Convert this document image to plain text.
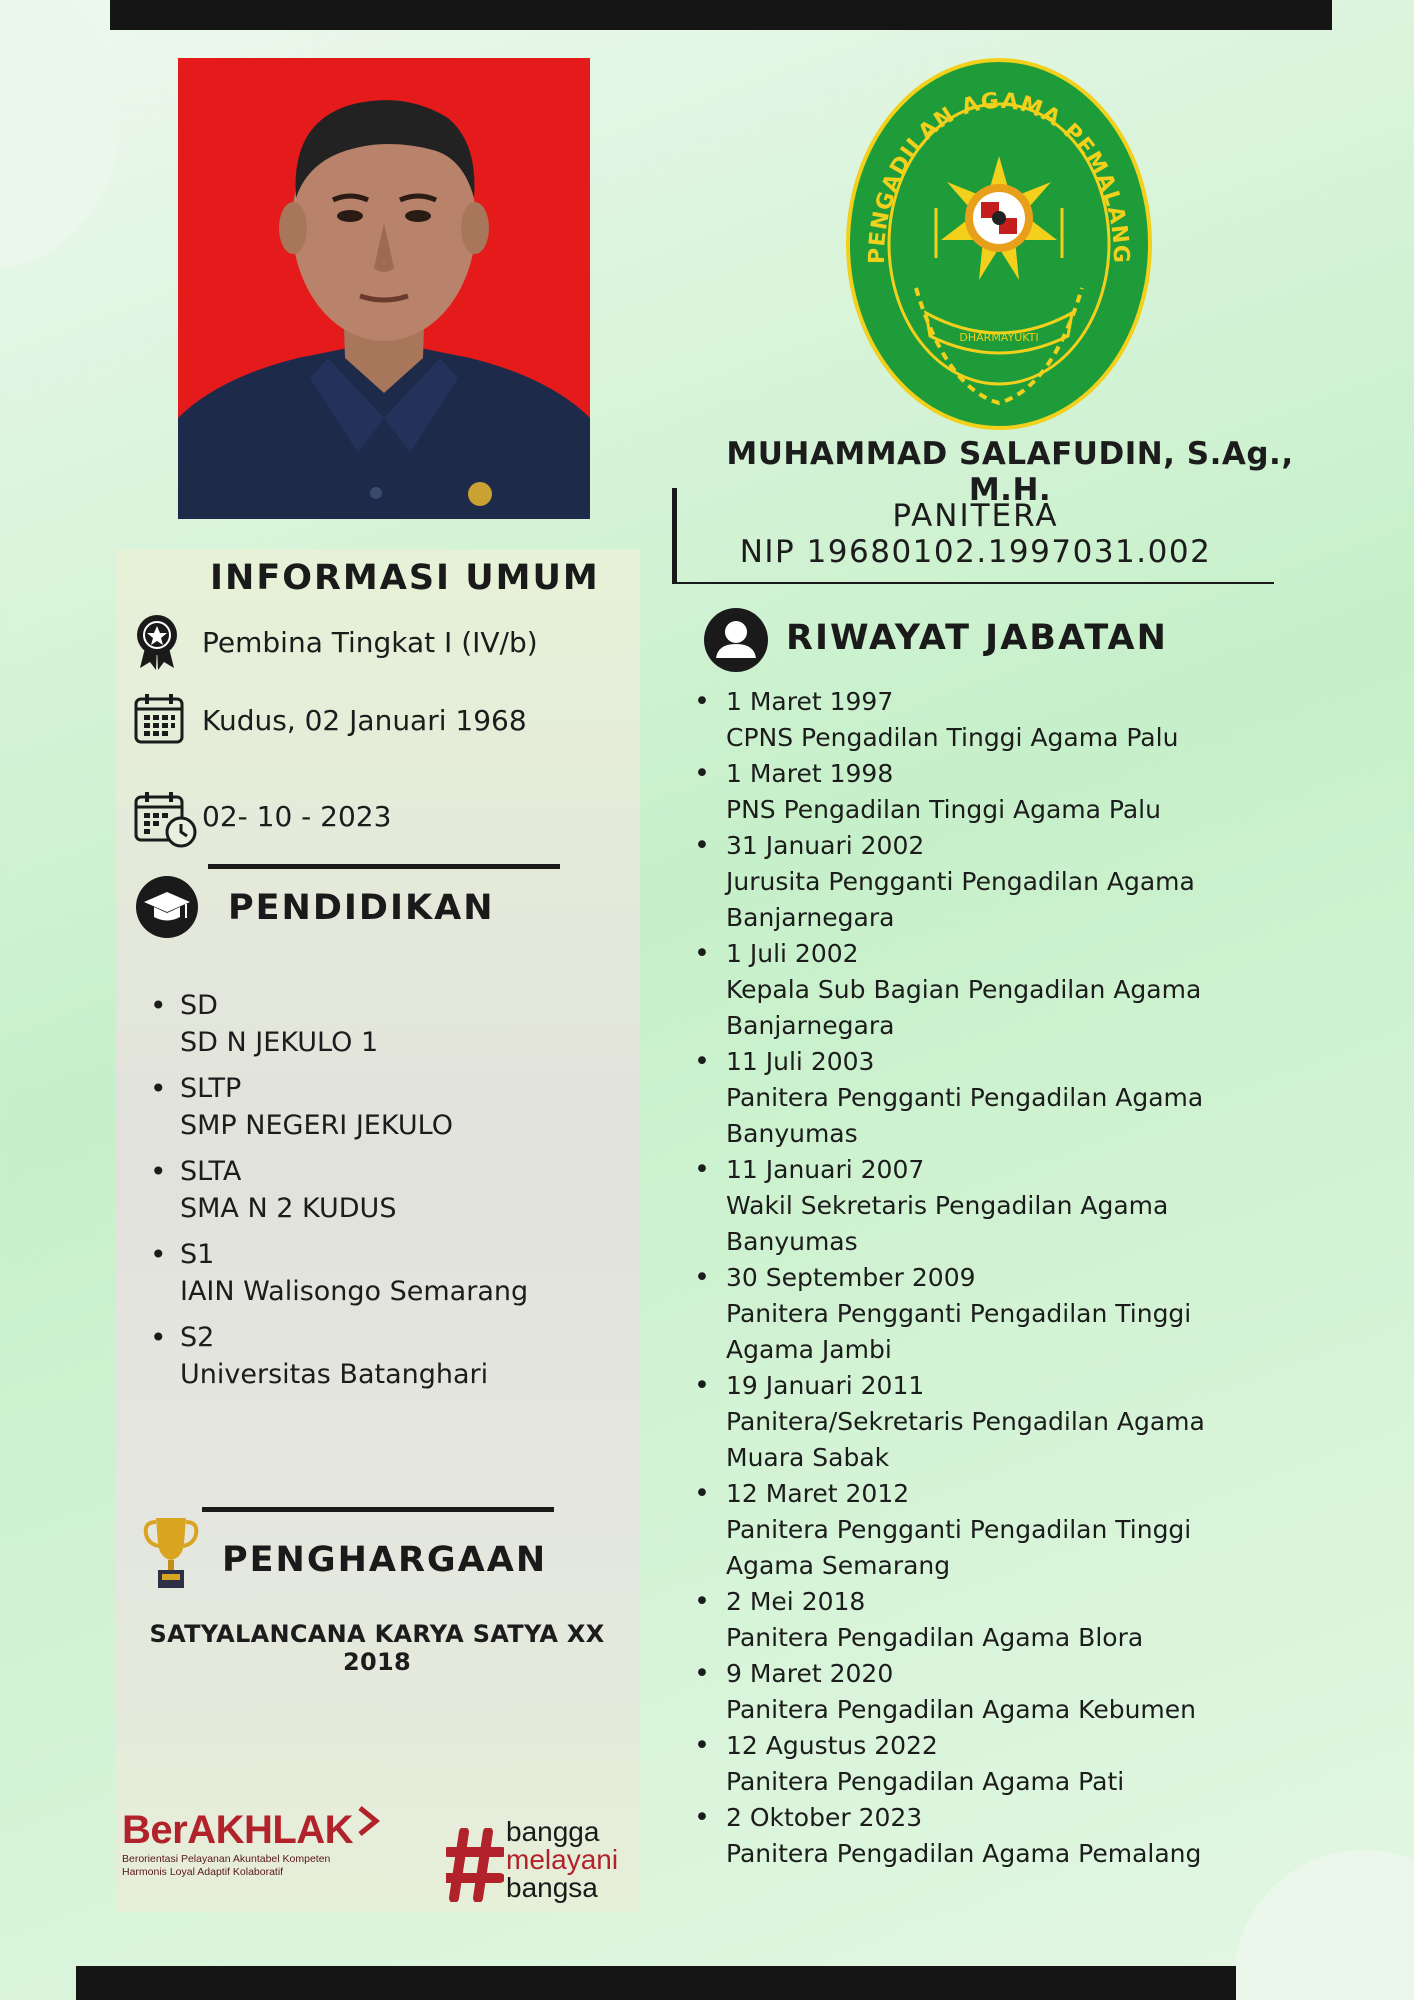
PENGADILAN AGAMA PEMALANG
DHARMAYUKTI
MUHAMMAD SALAFUDIN, S.Ag., M.H.
PANITERA
NIP 19680102.1997031.002
INFORMASI UMUM
Pembina Tingkat I (IV/b)
Kudus, 02 Januari 1968
02- 10 - 2023
PENDIDIKAN
• SD
SD N JEKULO 1
• SLTP
SMP NEGERI JEKULO
• SLTA
SMA N 2 KUDUS
• S1
IAIN Walisongo Semarang
• S2
Universitas Batanghari
PENGHARGAAN
SATYALANCANA KARYA SATYA XX 2018
BerAKHLAK
Berorientasi Pelayanan Akuntabel Kompeten
Harmonis Loyal Adaptif Kolaboratif
bangga
melayani
bangsa
RIWAYAT JABATAN
• 1 Maret 1997
CPNS Pengadilan Tinggi Agama Palu
• 1 Maret 1998
PNS Pengadilan Tinggi Agama Palu
• 31 Januari 2002
Jurusita Pengganti Pengadilan Agama
Banjarnegara
• 1 Juli 2002
Kepala Sub Bagian Pengadilan Agama
Banjarnegara
• 11 Juli 2003
Panitera Pengganti Pengadilan Agama
Banyumas
• 11 Januari 2007
Wakil Sekretaris Pengadilan Agama
Banyumas
• 30 September 2009
Panitera Pengganti Pengadilan Tinggi
Agama Jambi
• 19 Januari 2011
Panitera/Sekretaris Pengadilan Agama
Muara Sabak
• 12 Maret 2012
Panitera Pengganti Pengadilan Tinggi
Agama Semarang
• 2 Mei 2018
Panitera Pengadilan Agama Blora
• 9 Maret 2020
Panitera Pengadilan Agama Kebumen
• 12 Agustus 2022
Panitera Pengadilan Agama Pati
• 2 Oktober 2023
Panitera Pengadilan Agama Pemalang
